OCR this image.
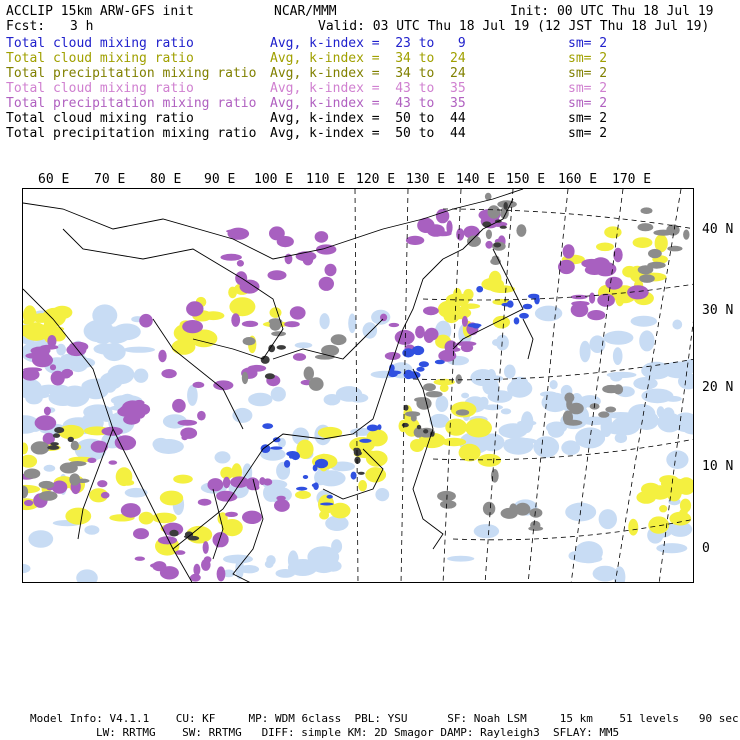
ACCLIP 15km ARW-GFS init	NCAR/MMM	Init: 00 UTC Thu 18 Jul 19
Fcst: 3 h	Valid: 03 UTC Thu 18 Jul 19 (12 JST Thu 18 Jul 19)
Total cloud mixing ratio	Avg, k-index =  23 to   9	sm= 2
Total cloud mixing ratio	Avg, k-index =  34 to  24	sm= 2
Total precipitation mixing ratio Avg, k-index =  34 to  24	sm= 2
Total cloud mixing ratio	Avg, k-index =  43 to  35	sm= 2
Total precipitation mixing ratio Avg, k-index =  43 to  35	sm= 2
Total cloud mixing ratio	Avg, k-index =  50 to  44	sm= 2
Total precipitation mixing ratio Avg, k-index =  50 to  44	sm= 2
60 E 70 E 80 E 90 E 100 E 110 E 120 E 130 E 140 E 150 E 160 E 170 E
40 N
30 N
20 N
10 N
0
Model Info: V4.1.1    CU: KF     MP: WDM 6class  PBL: YSU      SF: Noah LSM     15 km    51 levels   90 sec
LW: RRTMG    SW: RRTMG   DIFF: simple KM: 2D Smagor DAMP: Rayleigh3  SFLAY: MM5
